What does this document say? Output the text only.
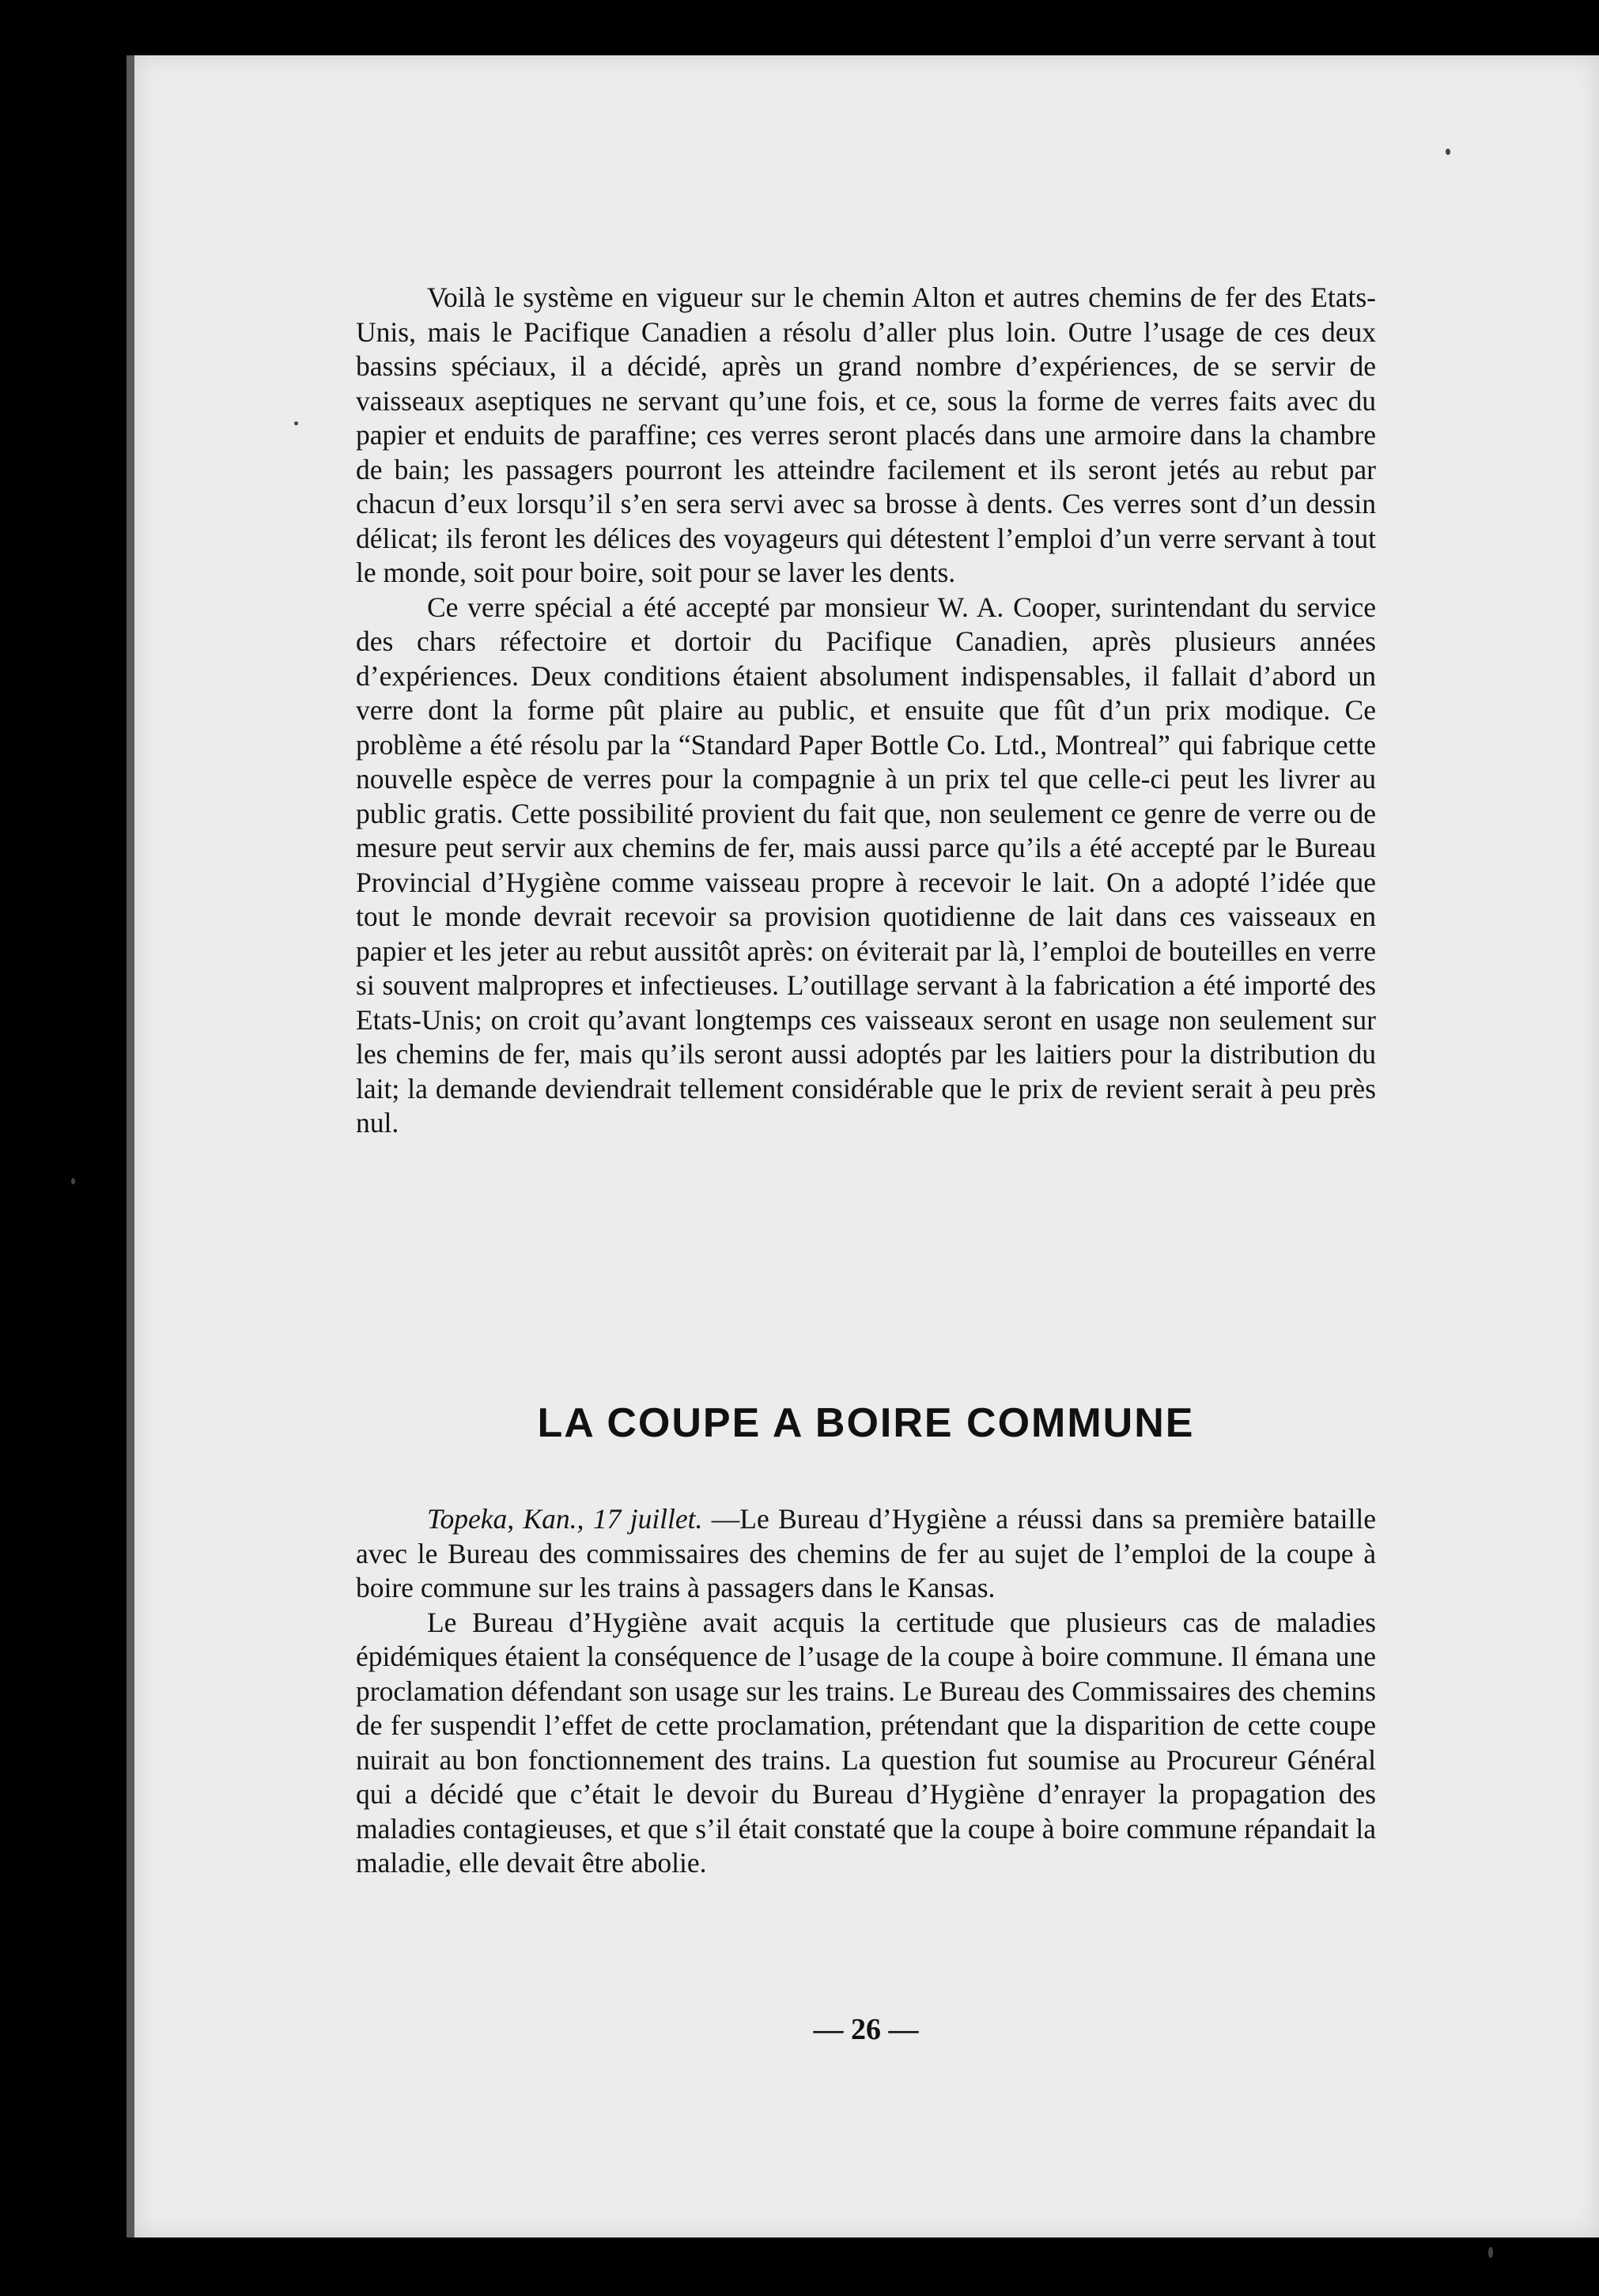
Voilà le système en vigueur sur le chemin Alton et autres chemins de fer des Etats-Unis, mais le Pacifique Canadien a résolu d’aller plus loin. Outre l’usage de ces deux bassins spéciaux, il a décidé, après un grand nombre d’expériences, de se servir de vaisseaux aseptiques ne servant qu’une fois, et ce, sous la forme de verres faits avec du papier et enduits de paraffine; ces verres seront placés dans une armoire dans la chambre de bain; les passagers pourront les atteindre facilement et ils seront jetés au rebut par chacun d’eux lorsqu’il s’en sera servi avec sa brosse à dents. Ces verres sont d’un dessin délicat; ils feront les délices des voyageurs qui détestent l’emploi d’un verre servant à tout le monde, soit pour boire, soit pour se laver les dents.

Ce verre spécial a été accepté par monsieur W. A. Cooper, surintendant du service des chars réfectoire et dortoir du Pacifique Canadien, après plusieurs années d’expériences. Deux conditions étaient absolument indispensables, il fallait d’abord un verre dont la forme pût plaire au public, et ensuite que fût d’un prix modique. Ce problème a été résolu par la “Standard Paper Bottle Co. Ltd., Montreal” qui fabrique cette nouvelle espèce de verres pour la compagnie à un prix tel que celle-ci peut les livrer au public gratis. Cette possibilité provient du fait que, non seulement ce genre de verre ou de mesure peut servir aux chemins de fer, mais aussi parce qu’ils a été accepté par le Bureau Provincial d’Hygiène comme vaisseau propre à recevoir le lait. On a adopté l’idée que tout le monde devrait recevoir sa provision quotidienne de lait dans ces vaisseaux en papier et les jeter au rebut aussitôt après: on éviterait par là, l’emploi de bouteilles en verre si souvent malpropres et infectieuses. L’outillage servant à la fabrication a été importé des Etats-Unis; on croit qu’avant longtemps ces vaisseaux seront en usage non seulement sur les chemins de fer, mais qu’ils seront aussi adoptés par les laitiers pour la distribution du lait; la demande deviendrait tellement considérable que le prix de revient serait à peu près nul.

LA COUPE A BOIRE COMMUNE

Topeka, Kan., 17 juillet. —Le Bureau d’Hygiène a réussi dans sa première bataille avec le Bureau des commissaires des chemins de fer au sujet de l’emploi de la coupe à boire commune sur les trains à passagers dans le Kansas.

Le Bureau d’Hygiène avait acquis la certitude que plusieurs cas de maladies épidémiques étaient la conséquence de l’usage de la coupe à boire commune. Il émana une proclamation défendant son usage sur les trains. Le Bureau des Commissaires des chemins de fer suspendit l’effet de cette proclamation, prétendant que la disparition de cette coupe nuirait au bon fonctionnement des trains. La question fut soumise au Procureur Général qui a décidé que c’était le devoir du Bureau d’Hygiène d’enrayer la propagation des maladies contagieuses, et que s’il était constaté que la coupe à boire commune répandait la maladie, elle devait être abolie.

— 26 —
